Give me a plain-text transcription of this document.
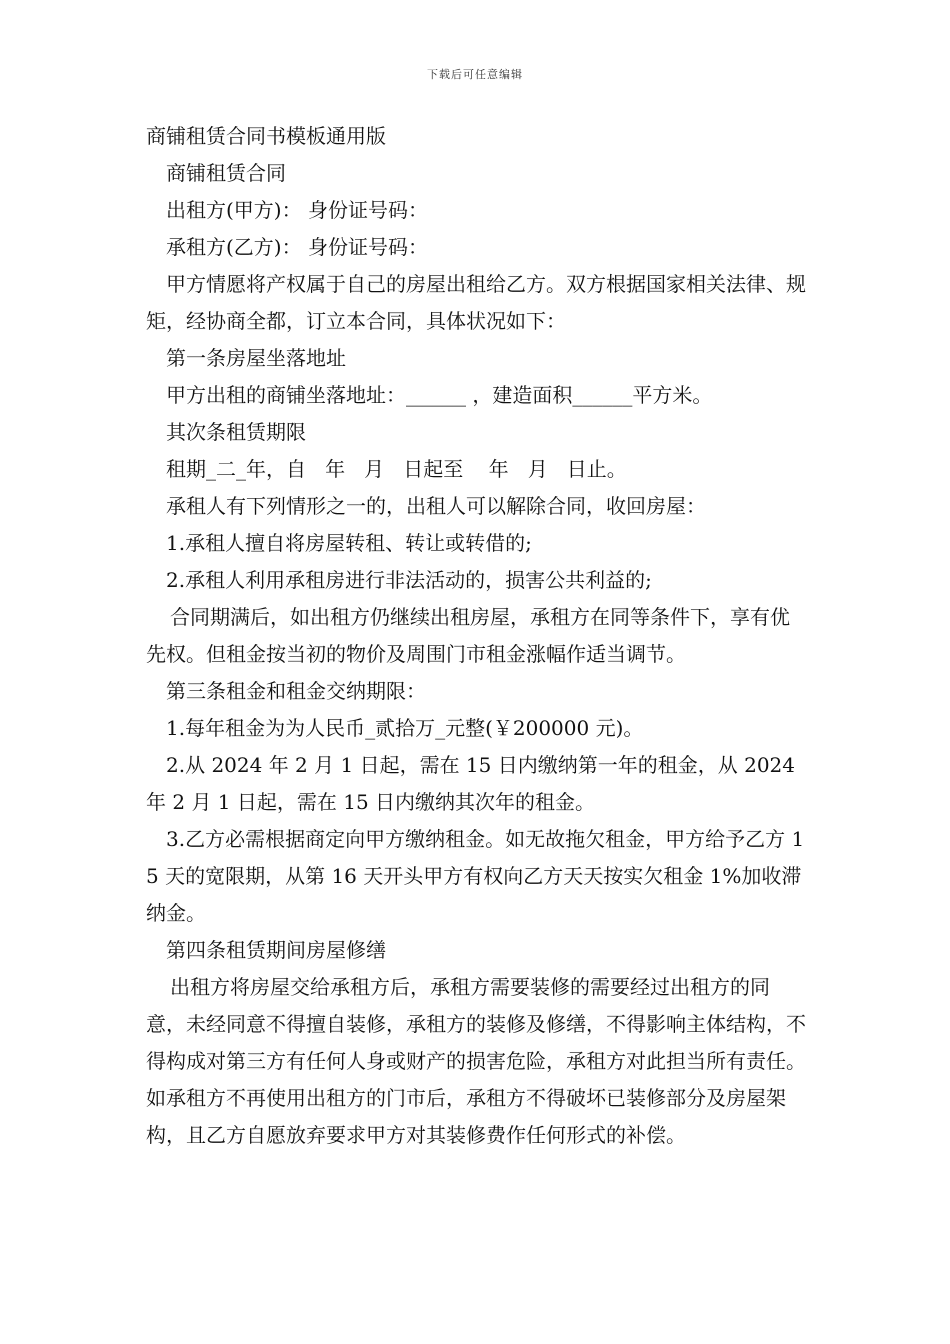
下载后可任意编辑

商铺租赁合同书模板通用版

商铺租赁合同

出租方(甲方)： 身份证号码：

承租方(乙方)： 身份证号码：

甲方情愿将产权属于自己的房屋出租给乙方。双方根据国家相关法律、规矩，经协商全都，订立本合同，具体状况如下：

第一条房屋坐落地址

甲方出租的商铺坐落地址：______ ，建造面积______平方米。

其次条租赁期限

租期_二_年，自   年   月   日起至    年   月   日止。

承租人有下列情形之一的，出租人可以解除合同，收回房屋：

1.承租人擅自将房屋转租、转让或转借的;

2.承租人利用承租房进行非法活动的，损害公共利益的;

合同期满后，如出租方仍继续出租房屋，承租方在同等条件下，享有优先权。但租金按当初的物价及周围门市租金涨幅作适当调节。

第三条租金和租金交纳期限：

1.每年租金为为人民币_贰拾万_元整(￥200000 元)。

2.从 2024 年 2 月 1 日起，需在 15 日内缴纳第一年的租金，从 2024 年 2 月 1 日起，需在 15 日内缴纳其次年的租金。

3.乙方必需根据商定向甲方缴纳租金。如无故拖欠租金，甲方给予乙方 15 天的宽限期，从第 16 天开头甲方有权向乙方天天按实欠租金 1%加收滞纳金。

第四条租赁期间房屋修缮

出租方将房屋交给承租方后，承租方需要装修的需要经过出租方的同意，未经同意不得擅自装修，承租方的装修及修缮，不得影响主体结构，不得构成对第三方有任何人身或财产的损害危险，承租方对此担当所有责任。如承租方不再使用出租方的门市后，承租方不得破坏已装修部分及房屋架构，且乙方自愿放弃要求甲方对其装修费作任何形式的补偿。
